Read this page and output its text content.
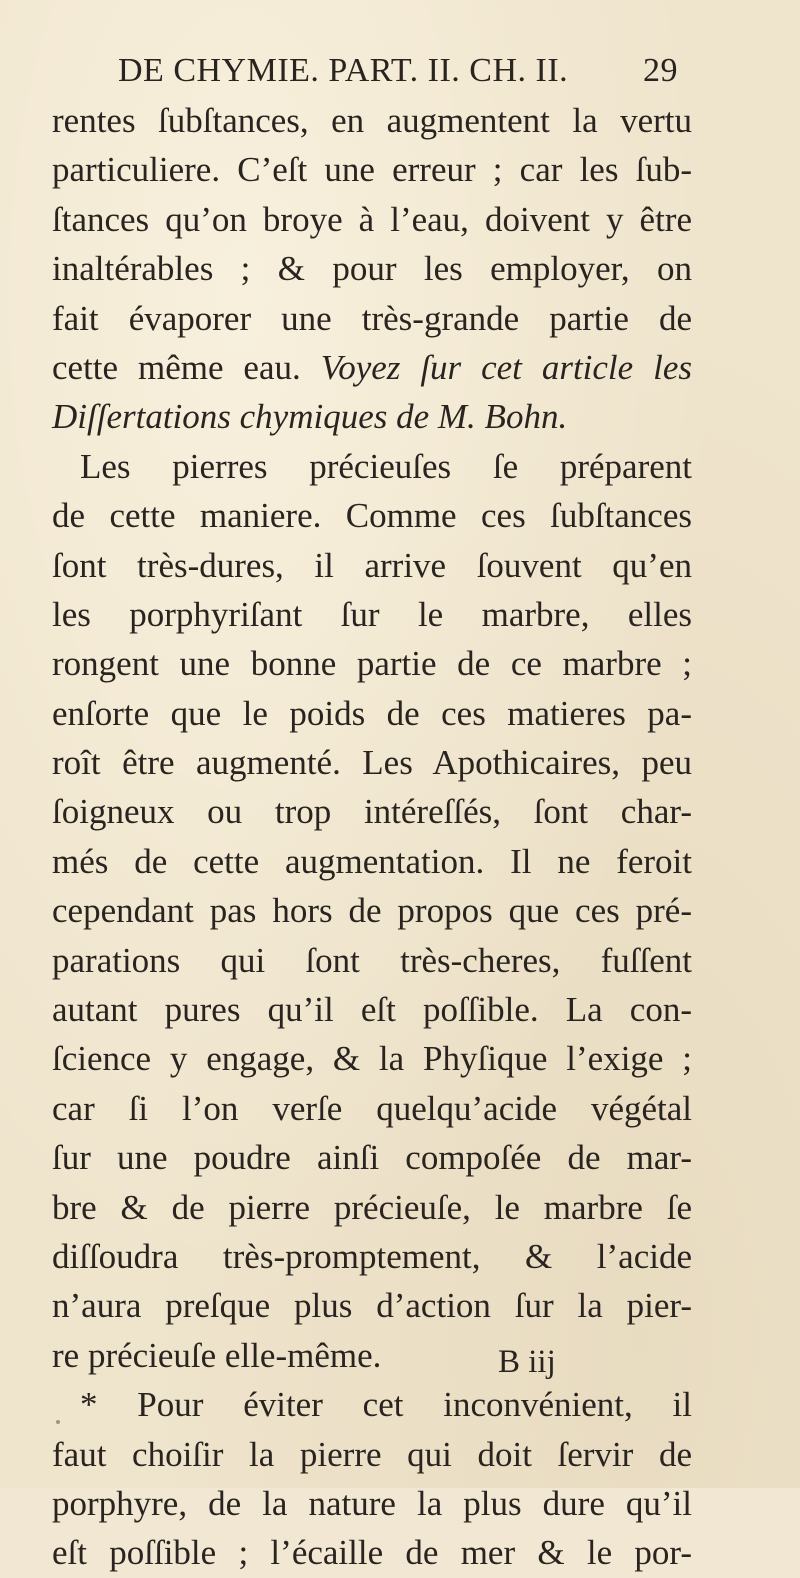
DE CHYMIE. PART. II. CH. II. 29
rentes ſubſtances, en augmentent la vertu
particuliere. C’eſt une erreur ; car les ſub-
ſtances qu’on broye à l’eau, doivent y être
inaltérables ; & pour les employer, on
fait évaporer une très-grande partie de
cette même eau. Voyez ſur cet article les
Diſſertations chymiques de M. Bohn.
Les pierres précieuſes ſe préparent
de cette maniere. Comme ces ſubſtances
ſont très-dures, il arrive ſouvent qu’en
les porphyriſant ſur le marbre, elles
rongent une bonne partie de ce marbre ;
enſorte que le poids de ces matieres pa-
roît être augmenté. Les Apothicaires, peu
ſoigneux ou trop intéreſſés, ſont char-
més de cette augmentation. Il ne feroit
cependant pas hors de propos que ces pré-
parations qui ſont très-cheres, fuſſent
autant pures qu’il eſt poſſible. La con-
ſcience y engage, & la Phyſique l’exige ;
car ſi l’on verſe quelqu’acide végétal
ſur une poudre ainſi compoſée de mar-
bre & de pierre précieuſe, le marbre ſe
diſſoudra très-promptement, & l’acide
n’aura preſque plus d’action ſur la pier-
re précieuſe elle-même.
* Pour éviter cet inconvénient, il
faut choiſir la pierre qui doit ſervir de
porphyre, de la nature la plus dure qu’il
eſt poſſible ; l’écaille de mer & le por-
B iij
